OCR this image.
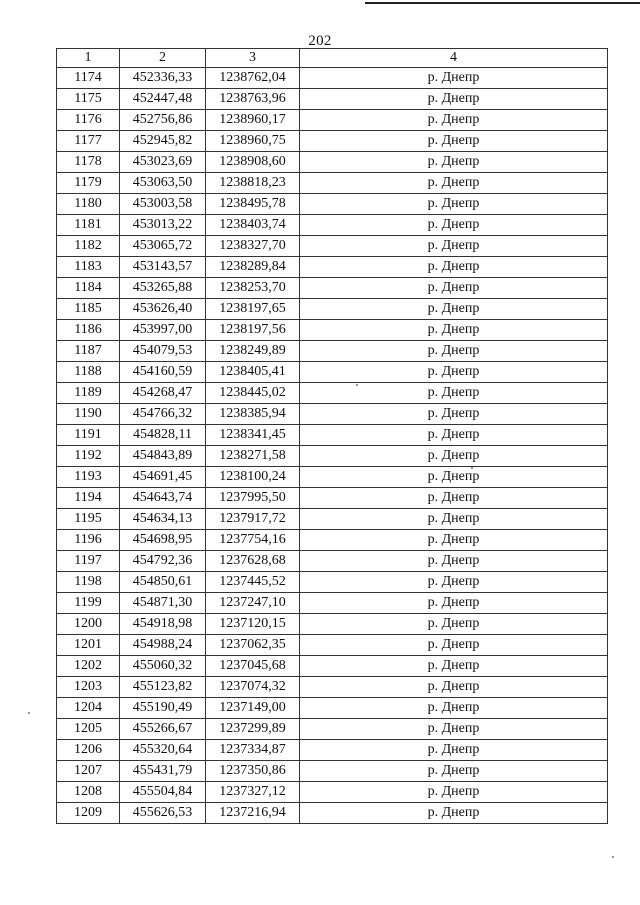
202
1	2	3	4
1174	452336,33	1238762,04	р. Днепр
1175	452447,48	1238763,96	р. Днепр
1176	452756,86	1238960,17	р. Днепр
1177	452945,82	1238960,75	р. Днепр
1178	453023,69	1238908,60	р. Днепр
1179	453063,50	1238818,23	р. Днепр
1180	453003,58	1238495,78	р. Днепр
1181	453013,22	1238403,74	р. Днепр
1182	453065,72	1238327,70	р. Днепр
1183	453143,57	1238289,84	р. Днепр
1184	453265,88	1238253,70	р. Днепр
1185	453626,40	1238197,65	р. Днепр
1186	453997,00	1238197,56	р. Днепр
1187	454079,53	1238249,89	р. Днепр
1188	454160,59	1238405,41	р. Днепр
1189	454268,47	1238445,02	р. Днепр
1190	454766,32	1238385,94	р. Днепр
1191	454828,11	1238341,45	р. Днепр
1192	454843,89	1238271,58	р. Днепр
1193	454691,45	1238100,24	р. Днепр
1194	454643,74	1237995,50	р. Днепр
1195	454634,13	1237917,72	р. Днепр
1196	454698,95	1237754,16	р. Днепр
1197	454792,36	1237628,68	р. Днепр
1198	454850,61	1237445,52	р. Днепр
1199	454871,30	1237247,10	р. Днепр
1200	454918,98	1237120,15	р. Днепр
1201	454988,24	1237062,35	р. Днепр
1202	455060,32	1237045,68	р. Днепр
1203	455123,82	1237074,32	р. Днепр
1204	455190,49	1237149,00	р. Днепр
1205	455266,67	1237299,89	р. Днепр
1206	455320,64	1237334,87	р. Днепр
1207	455431,79	1237350,86	р. Днепр
1208	455504,84	1237327,12	р. Днепр
1209	455626,53	1237216,94	р. Днепр
